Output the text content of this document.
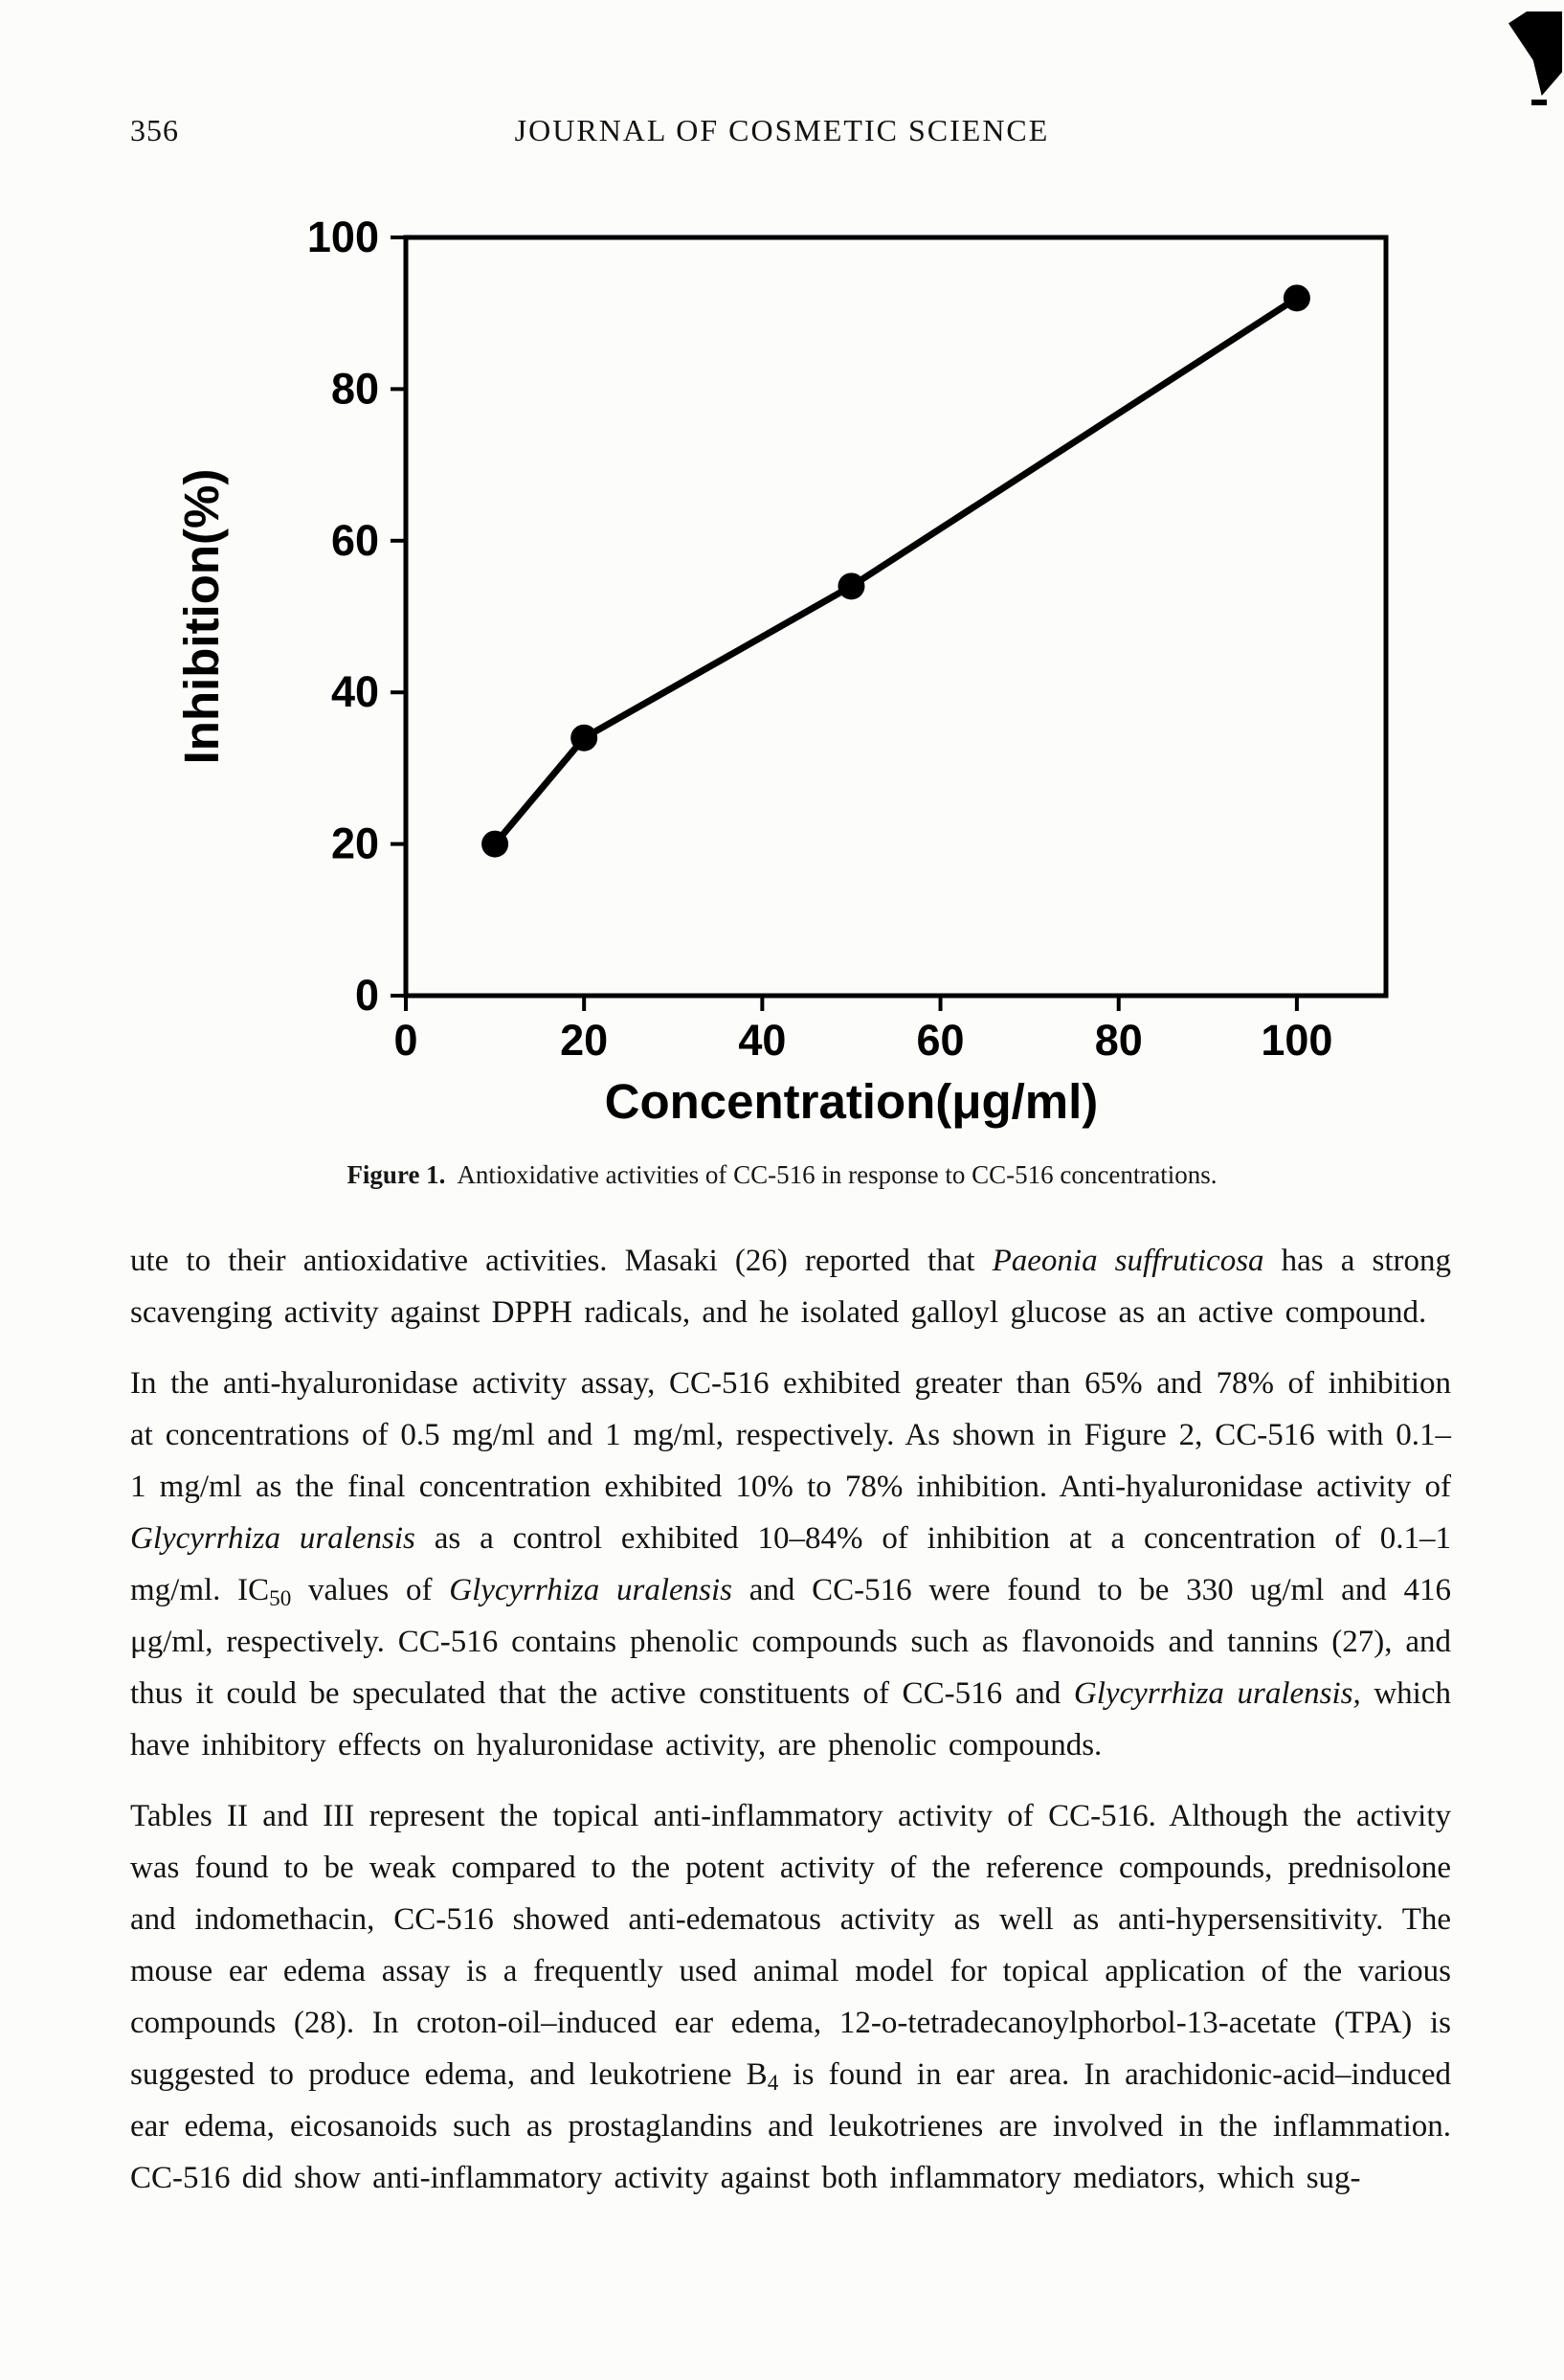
356	JOURNAL OF COSMETIC SCIENCE
0
20
40
60
80
100
0	20	40	60	80	100
Inhibition(%)
Concentration(μg/ml)
Figure 1. Antioxidative activities of CC-516 in response to CC-516 concentrations.

ute to their antioxidative activities. Masaki (26) reported that Paeonia suffruticosa has a strong scavenging activity against DPPH radicals, and he isolated galloyl glucose as an active compound.

In the anti-hyaluronidase activity assay, CC-516 exhibited greater than 65% and 78% of inhibition at concentrations of 0.5 mg/ml and 1 mg/ml, respectively. As shown in Figure 2, CC-516 with 0.1–1 mg/ml as the final concentration exhibited 10% to 78% inhibition. Anti-hyaluronidase activity of Glycyrrhiza uralensis as a control exhibited 10–84% of inhibition at a concentration of 0.1–1 mg/ml. $IC_{50}$ values of Glycyrrhiza uralensis and CC-516 were found to be 330 ug/ml and 416 μg/ml, respectively. CC-516 contains phenolic compounds such as flavonoids and tannins (27), and thus it could be speculated that the active constituents of CC-516 and Glycyrrhiza uralensis, which have inhibitory effects on hyaluronidase activity, are phenolic compounds.

Tables II and III represent the topical anti-inflammatory activity of CC-516. Although the activity was found to be weak compared to the potent activity of the reference compounds, prednisolone and indomethacin, CC-516 showed anti-edematous activity as well as anti-hypersensitivity. The mouse ear edema assay is a frequently used animal model for topical application of the various compounds (28). In croton-oil–induced ear edema, 12-o-tetradecanoylphorbol-13-acetate (TPA) is suggested to produce edema, and leukotriene $B_4$ is found in ear area. In arachidonic-acid–induced ear edema, eicosanoids such as prostaglandins and leukotrienes are involved in the inflammation. CC-516 did show anti-inflammatory activity against both inflammatory mediators, which sug-
